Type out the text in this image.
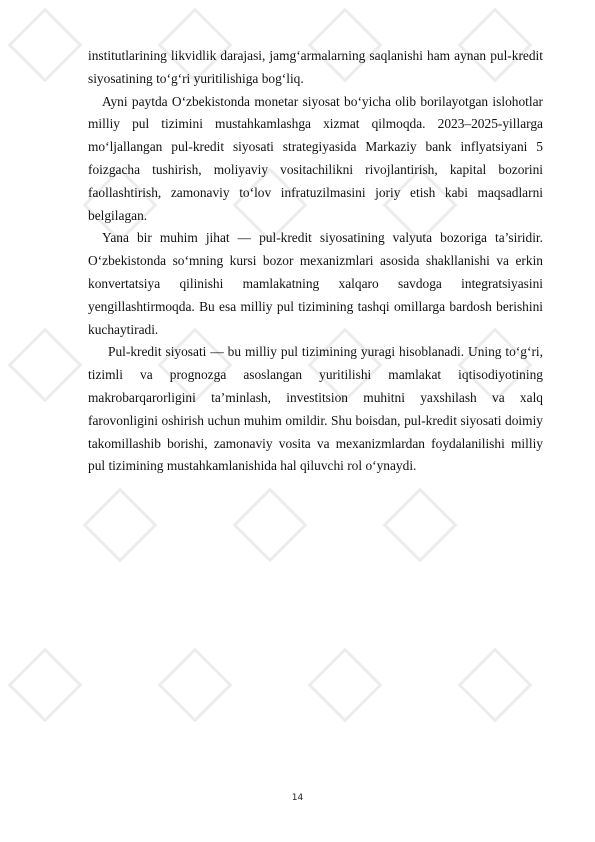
institutlarining likvidlik darajasi, jamg‘armalarning saqlanishi ham aynan pul-kredit siyosatining to‘g‘ri yuritilishiga bog‘liq.

Ayni paytda O‘zbekistonda monetar siyosat bo‘yicha olib borilayotgan islohotlar milliy pul tizimini mustahkamlashga xizmat qilmoqda. 2023–2025-yillarga mo‘ljallangan pul-kredit siyosati strategiyasida Markaziy bank inflyatsiyani 5 foizgacha tushirish, moliyaviy vositachilikni rivojlantirish, kapital bozorini faollashtirish, zamonaviy to‘lov infratuzilmasini joriy etish kabi maqsadlarni belgilagan.

Yana bir muhim jihat — pul-kredit siyosatining valyuta bozoriga ta’siridir. O‘zbekistonda so‘mning kursi bozor mexanizmlari asosida shakllanishi va erkin konvertatsiya qilinishi mamlakatning xalqaro savdoga integratsiyasini yengillashtirmoqda. Bu esa milliy pul tizimining tashqi omillarga bardosh berishini kuchaytiradi.

Pul-kredit siyosati — bu milliy pul tizimining yuragi hisoblanadi. Uning to‘g‘ri, tizimli va prognozga asoslangan yuritilishi mamlakat iqtisodiyotining makrobarqarorligini ta’minlash, investitsion muhitni yaxshilash va xalq farovonligini oshirish uchun muhim omildir. Shu boisdan, pul-kredit siyosati doimiy takomillashib borishi, zamonaviy vosita va mexanizmlardan foydalanilishi milliy pul tizimining mustahkamlanishida hal qiluvchi rol o‘ynaydi.

14
